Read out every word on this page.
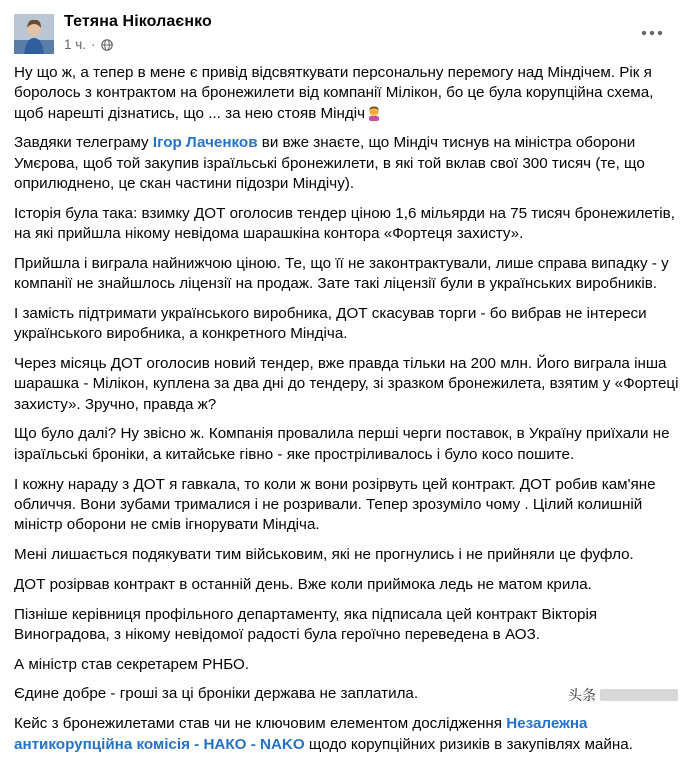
Тетяна Ніколаєнко
1 ч. ·

Ну що ж, а тепер в мене є привід відсвяткувати персональну перемогу над Міндічем. Рік я боролось з контрактом на бронежилети від компанії Мілікон, бо це була корупційна схема, щоб нарешті дізнатись, що ... за нею стояв Міндіч

Завдяки телеграму Ігор Лаченков ви вже знаєте, що Міндіч тиснув на міністра оборони Умєрова, щоб той закупив ізраїльські бронежилети, в які той вклав свої 300 тисяч (те, що оприлюднено, це скан частини підозри Міндічу).

Історія була така: взимку ДОТ оголосив тендер ціною 1,6 мільярди на 75 тисяч бронежилетів, на які прийшла нікому невідома шарашкіна контора «Фортеця захисту».

Прийшла і виграла найнижчою ціною. Те, що її не законтрактували, лише справа випадку - у компанії не знайшлось ліцензії на продаж. Зате такі ліцензії були в українських виробників.

І замість підтримати українського виробника, ДОТ скасував торги - бо вибрав не інтереси українського виробника, а конкретного Міндіча.

Через місяць ДОТ оголосив новий тендер, вже правда тільки на 200 млн. Його виграла інша шарашка - Мілікон, куплена за два дні до тендеру, зі зразком бронежилета, взятим у «Фортеці захисту». Зручно, правда ж?

Що було далі? Ну звісно ж. Компанія провалила перші черги поставок, в Україну приїхали не ізраїльські броніки, а китайське гівно - яке простріливалось і було косо пошите.

І кожну нараду з ДОТ я гавкала, то коли ж вони розірвуть цей контракт. ДОТ робив кам'яне обличчя. Вони зубами трималися і не розривали. Тепер зрозуміло чому . Цілий колишній міністр оборони не смів ігнорувати Міндіча.

Мені лишається подякувати тим військовим, які не прогнулись і не прийняли це фуфло.

ДОТ розірвав контракт в останній день. Вже коли приймока ледь не матом крила.

Пізніше керівниця профільного департаменту, яка підписала цей контракт Вікторія Виноградова, з нікому невідомої радості була героїчно переведена в АОЗ.

А міністр став секретарем РНБО.

Єдине добре - гроші за ці броніки держава не заплатила.

Кейс з бронежилетами став чи не ключовим елементом дослідження Незалежна антикорупційна комісія - НАКО - NAKO щодо корупційних ризиків в закупівлях майна.

头条
